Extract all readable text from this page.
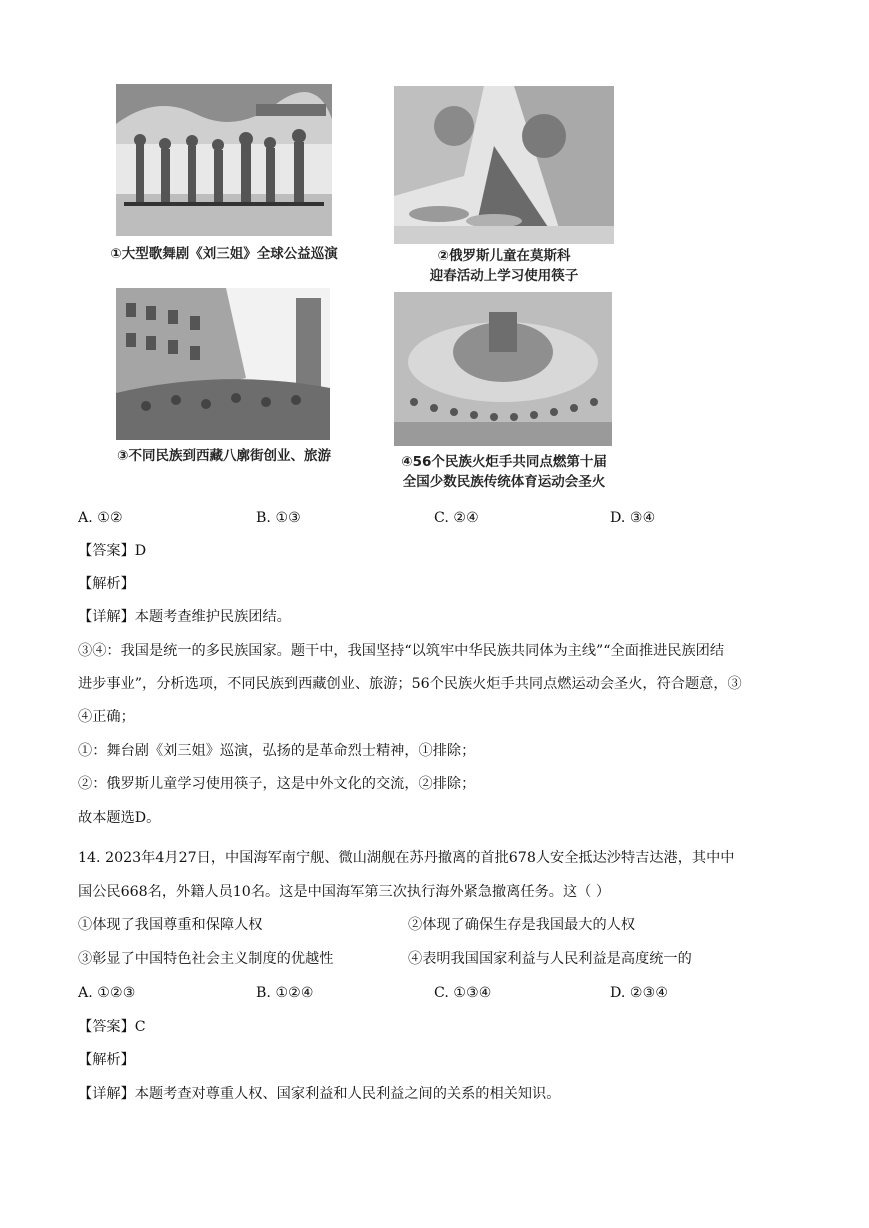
①大型歌舞剧《刘三姐》全球公益巡演	②俄罗斯儿童在莫斯科
迎春活动上学习使用筷子
③不同民族到西藏八廓街创业、旅游	④56个民族火炬手共同点燃第十届
全国少数民族传统体育运动会圣火
A. ①②	B. ①③	C. ②④	D. ③④
【答案】D
【解析】
【详解】本题考查维护民族团结。
③④：我国是统一的多民族国家。题干中，我国坚持“以筑牢中华民族共同体为主线”“全面推进民族团结
进步事业”，分析选项，不同民族到西藏创业、旅游；56个民族火炬手共同点燃运动会圣火，符合题意，③
④正确；
①：舞台剧《刘三姐》巡演，弘扬的是革命烈士精神，①排除；
②：俄罗斯儿童学习使用筷子，这是中外文化的交流，②排除；
故本题选D。
14. 2023年4月27日，中国海军南宁舰、微山湖舰在苏丹撤离的首批678人安全抵达沙特吉达港，其中中
国公民668名，外籍人员10名。这是中国海军第三次执行海外紧急撤离任务。这（ ）
①体现了我国尊重和保障人权	②体现了确保生存是我国最大的人权
③彰显了中国特色社会主义制度的优越性	④表明我国国家利益与人民利益是高度统一的
A. ①②③	B. ①②④	C. ①③④	D. ②③④
【答案】C
【解析】
【详解】本题考查对尊重人权、国家利益和人民利益之间的关系的相关知识。
